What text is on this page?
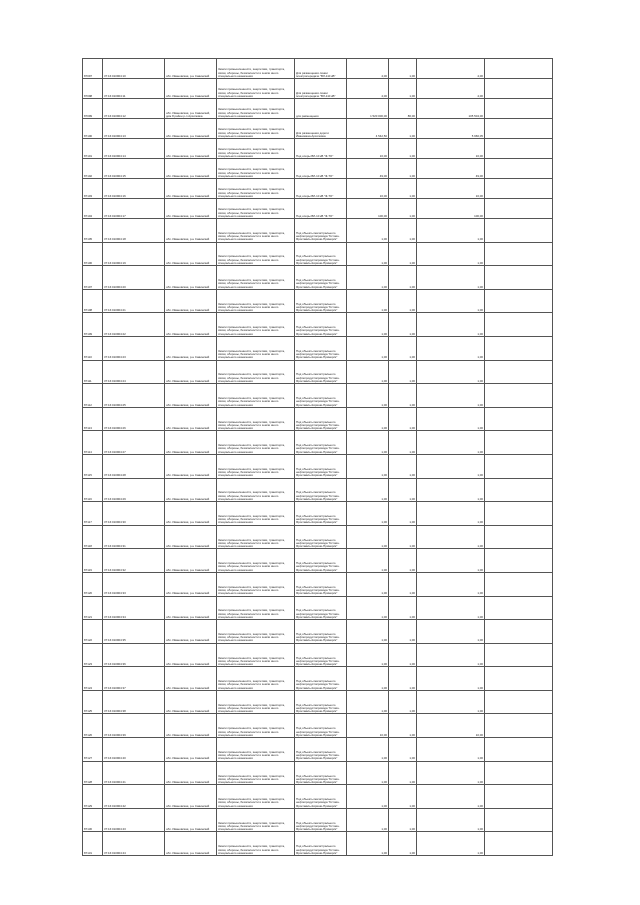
87097	37:16:010904:10	обл. Ивановская, р-н Савинский	Земли промышленности, энергетики, транспорта, связи, обороны, безопасности и земли иного специального назначения	Для размещения линии электропередачи "ВЛ-110 кВ"	4,00	1,00	4,00	
87098	37:16:010904:11	обл. Ивановская, р-н Савинский	Земли промышленности, энергетики, транспорта, связи, обороны, безопасности и земли иного специального назначения	Для размещения линии электропередачи "ВЛ-110 кВ"	4,00	1,00	4,00	
87099	37:16:010904:12	обл. Ивановская, р-н Савинский, дом 8 район р-п Архиповка	Земли промышленности, энергетики, транспорта, связи, обороны, безопасности и земли иного специального назначения	для размещения	1 520 000,00	86,00	105 504,00	
87100	37:16:010904:13	обл. Ивановская, р-н Савинский	Земли промышленности, энергетики, транспорта, связи, обороны, безопасности и земли иного специального назначения	Для размещения дороги Ивановкая-Архиповка	4 542,50	1,00	5 966,05	
87101	37:16:010904:14	обл. Ивановская, р-н Савинский	Земли промышленности, энергетики, транспорта, связи, обороны, безопасности и земли иного специального назначения	Под опоры ВЛ-10 кВ "Ф-ТО"	16,00	1,00	16,00	
87102	37:16:010904:15	обл. Ивановская, р-н Савинский	Земли промышленности, энергетики, транспорта, связи, обороны, безопасности и земли иного специального назначения	Под опоры ВЛ-10 кВ "Ф-ТО"	49,00	1,00	49,00	
87103	37:16:010904:16	обл. Ивановская, р-н Савинский	Земли промышленности, энергетики, транспорта, связи, обороны, безопасности и земли иного специального назначения	Под опоры ВЛ-10 кВ "Ф-ТО"	16,00	1,00	16,00	
87104	37:16:010904:17	обл. Ивановская, р-н Савинский	Земли промышленности, энергетики, транспорта, связи, обороны, безопасности и земли иного специального назначения	Под опоры ВЛ-10 кВ "Ф-ТО"	100,00	1,00	100,00	
87105	37:16:010904:18	обл. Ивановская, р-н Савинский	Земли промышленности, энергетики, транспорта, связи, обороны, безопасности и земли иного специального назначения	Под объекты магистрального нефтепродуктопровода "Кстово-Ярославль-Кириши-Приморск"	1,00	1,00	1,00	
87106	37:16:010904:19	обл. Ивановская, р-н Савинский	Земли промышленности, энергетики, транспорта, связи, обороны, безопасности и земли иного специального назначения	Под объекты магистрального нефтепродуктопровода "Кстово-Ярославль-Кириши-Приморск"	1,00	1,00	1,00	
87107	37:16:010904:20	обл. Ивановская, р-н Савинский	Земли промышленности, энергетики, транспорта, связи, обороны, безопасности и земли иного специального назначения	Под объекты магистрального нефтепродуктопровода "Кстово-Ярославль-Кириши-Приморск"	1,00	1,00	1,00	
87108	37:16:010904:21	обл. Ивановская, р-н Савинский	Земли промышленности, энергетики, транспорта, связи, обороны, безопасности и земли иного специального назначения	Под объекты магистрального нефтепродуктопровода "Кстово-Ярославль-Кириши-Приморск"	1,00	1,00	1,00	
87109	37:16:010904:22	обл. Ивановская, р-н Савинский	Земли промышленности, энергетики, транспорта, связи, обороны, безопасности и земли иного специального назначения	Под объекты магистрального нефтепродуктопровода "Кстово-Ярославль-Кириши-Приморск"	1,00	1,00	1,00	
87110	37:16:010904:23	обл. Ивановская, р-н Савинский	Земли промышленности, энергетики, транспорта, связи, обороны, безопасности и земли иного специального назначения	Под объекты магистрального нефтепродуктопровода "Кстово-Ярославль-Кириши-Приморск"	1,00	1,00	1,00	
87111	37:16:010904:24	обл. Ивановская, р-н Савинский	Земли промышленности, энергетики, транспорта, связи, обороны, безопасности и земли иного специального назначения	Под объекты магистрального нефтепродуктопровода "Кстово-Ярославль-Кириши-Приморск"	1,00	1,00	1,00	
87112	37:16:010904:25	обл. Ивановская, р-н Савинский	Земли промышленности, энергетики, транспорта, связи, обороны, безопасности и земли иного специального назначения	Под объекты магистрального нефтепродуктопровода "Кстово-Ярославль-Кириши-Приморск"	1,00	1,00	1,00	
87113	37:16:010904:26	обл. Ивановская, р-н Савинский	Земли промышленности, энергетики, транспорта, связи, обороны, безопасности и земли иного специального назначения	Под объекты магистрального нефтепродуктопровода "Кстово-Ярославль-Кириши-Приморск"	1,00	1,00	1,00	
87114	37:16:010904:27	обл. Ивановская, р-н Савинский	Земли промышленности, энергетики, транспорта, связи, обороны, безопасности и земли иного специального назначения	Под объекты магистрального нефтепродуктопровода "Кстово-Ярославль-Кириши-Приморск"	1,00	1,00	1,00	
87115	37:16:010904:28	обл. Ивановская, р-н Савинский	Земли промышленности, энергетики, транспорта, связи, обороны, безопасности и земли иного специального назначения	Под объекты магистрального нефтепродуктопровода "Кстово-Ярославль-Кириши-Приморск"	1,00	1,00	1,00	
87116	37:16:010904:29	обл. Ивановская, р-н Савинский	Земли промышленности, энергетики, транспорта, связи, обороны, безопасности и земли иного специального назначения	Под объекты магистрального нефтепродуктопровода "Кстово-Ярославль-Кириши-Приморск"	1,00	1,00	1,00	
87117	37:16:010904:30	обл. Ивановская, р-н Савинский	Земли промышленности, энергетики, транспорта, связи, обороны, безопасности и земли иного специального назначения	Под объекты магистрального нефтепродуктопровода "Кстово-Ярославль-Кириши-Приморск"	1,00	1,00	1,00	
87118	37:16:010904:31	обл. Ивановская, р-н Савинский	Земли промышленности, энергетики, транспорта, связи, обороны, безопасности и земли иного специального назначения	Под объекты магистрального нефтепродуктопровода "Кстово-Ярославль-Кириши-Приморск"	1,00	1,00	1,00	
87119	37:16:010904:32	обл. Ивановская, р-н Савинский	Земли промышленности, энергетики, транспорта, связи, обороны, безопасности и земли иного специального назначения	Под объекты магистрального нефтепродуктопровода "Кстово-Ярославль-Кириши-Приморск"	1,00	1,00	1,00	
87120	37:16:010904:33	обл. Ивановская, р-н Савинский	Земли промышленности, энергетики, транспорта, связи, обороны, безопасности и земли иного специального назначения	Под объекты магистрального нефтепродуктопровода "Кстово-Ярославль-Кириши-Приморск"	1,00	1,00	1,00	
87121	37:16:010904:34	обл. Ивановская, р-н Савинский	Земли промышленности, энергетики, транспорта, связи, обороны, безопасности и земли иного специального назначения	Под объекты магистрального нефтепродуктопровода "Кстово-Ярославль-Кириши-Приморск"	1,00	1,00	1,00	
87122	37:16:010904:35	обл. Ивановская, р-н Савинский	Земли промышленности, энергетики, транспорта, связи, обороны, безопасности и земли иного специального назначения	Под объекты магистрального нефтепродуктопровода "Кстово-Ярославль-Кириши-Приморск"	1,00	1,00	1,00	
87123	37:16:010904:36	обл. Ивановская, р-н Савинский	Земли промышленности, энергетики, транспорта, связи, обороны, безопасности и земли иного специального назначения	Под объекты магистрального нефтепродуктопровода "Кстово-Ярославль-Кириши-Приморск"	1,00	1,00	1,00	
87124	37:16:010904:37	обл. Ивановская, р-н Савинский	Земли промышленности, энергетики, транспорта, связи, обороны, безопасности и земли иного специального назначения	Под объекты магистрального нефтепродуктопровода "Кстово-Ярославль-Кириши-Приморск"	1,00	1,00	1,00	
87125	37:16:010904:38	обл. Ивановская, р-н Савинский	Земли промышленности, энергетики, транспорта, связи, обороны, безопасности и земли иного специального назначения	Под объекты магистрального нефтепродуктопровода "Кстово-Ярославль-Кириши-Приморск"	1,00	1,00	1,00	
87126	37:16:010904:39	обл. Ивановская, р-н Савинский	Земли промышленности, энергетики, транспорта, связи, обороны, безопасности и земли иного специального назначения	Под объекты магистрального нефтепродуктопровода "Кстово-Ярославль-Кириши-Приморск"	10,00	1,00	10,00	
87127	37:16:010904:40	обл. Ивановская, р-н Савинский	Земли промышленности, энергетики, транспорта, связи, обороны, безопасности и земли иного специального назначения	Под объекты магистрального нефтепродуктопровода "Кстово-Ярославль-Кириши-Приморск"	1,00	1,00	1,00	
87128	37:16:010904:41	обл. Ивановская, р-н Савинский	Земли промышленности, энергетики, транспорта, связи, обороны, безопасности и земли иного специального назначения	Под объекты магистрального нефтепродуктопровода "Кстово-Ярославль-Кириши-Приморск"	1,00	1,00	1,00	
87129	37:16:010904:42	обл. Ивановская, р-н Савинский	Земли промышленности, энергетики, транспорта, связи, обороны, безопасности и земли иного специального назначения	Под объекты магистрального нефтепродуктопровода "Кстово-Ярославль-Кириши-Приморск"	1,00	1,00	1,00	
87130	37:16:010904:43	обл. Ивановская, р-н Савинский	Земли промышленности, энергетики, транспорта, связи, обороны, безопасности и земли иного специального назначения	Под объекты магистрального нефтепродуктопровода "Кстово-Ярославль-Кириши-Приморск"	1,00	1,00	1,00	
87131	37:16:010904:44	обл. Ивановская, р-н Савинский	Земли промышленности, энергетики, транспорта, связи, обороны, безопасности и земли иного специального назначения	Под объекты магистрального нефтепродуктопровода "Кстово-Ярославль-Кириши-Приморск"	1,00	1,00	1,00	
